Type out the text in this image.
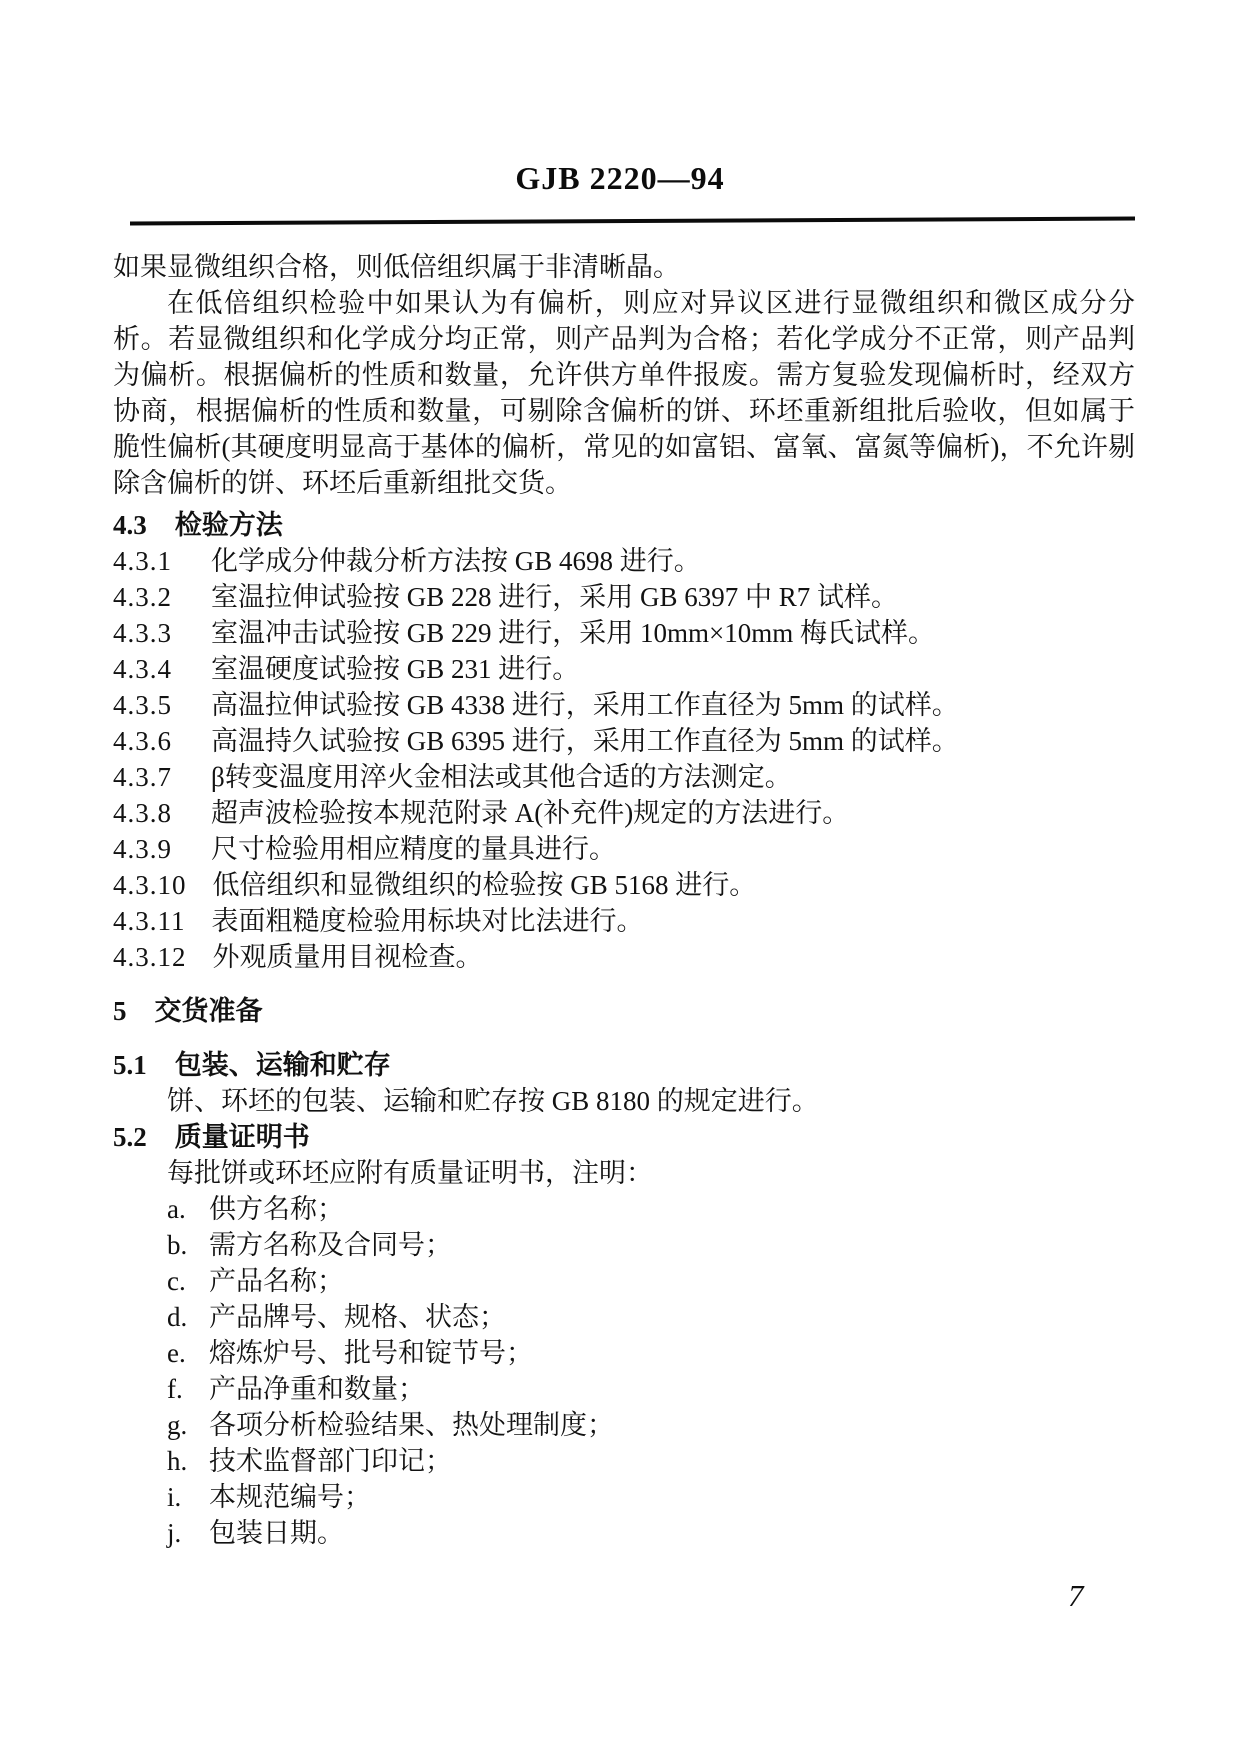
GJB 2220—94

如果显微组织合格，则低倍组织属于非清晰晶。

在低倍组织检验中如果认为有偏析，则应对异议区进行显微组织和微区成分分析。若显微组织和化学成分均正常，则产品判为合格；若化学成分不正常，则产品判为偏析。根据偏析的性质和数量，允许供方单件报废。需方复验发现偏析时，经双方协商，根据偏析的性质和数量，可剔除含偏析的饼、环坯重新组批后验收，但如属于脆性偏析(其硬度明显高于基体的偏析，常见的如富铝、富氧、富氮等偏析)，不允许剔除含偏析的饼、环坯后重新组批交货。

4.3 检验方法

4.3.1 化学成分仲裁分析方法按 GB 4698 进行。

4.3.2 室温拉伸试验按 GB 228 进行，采用 GB 6397 中 R7 试样。

4.3.3 室温冲击试验按 GB 229 进行，采用 10mm×10mm 梅氏试样。

4.3.4 室温硬度试验按 GB 231 进行。

4.3.5 高温拉伸试验按 GB 4338 进行，采用工作直径为 5mm 的试样。

4.3.6 高温持久试验按 GB 6395 进行，采用工作直径为 5mm 的试样。

4.3.7 β转变温度用淬火金相法或其他合适的方法测定。

4.3.8 超声波检验按本规范附录 A(补充件)规定的方法进行。

4.3.9 尺寸检验用相应精度的量具进行。

4.3.10 低倍组织和显微组织的检验按 GB 5168 进行。

4.3.11 表面粗糙度检验用标块对比法进行。

4.3.12 外观质量用目视检查。

5 交货准备

5.1 包装、运输和贮存

饼、环坯的包装、运输和贮存按 GB 8180 的规定进行。

5.2 质量证明书

每批饼或环坯应附有质量证明书，注明：

a. 供方名称；

b. 需方名称及合同号；

c. 产品名称；

d. 产品牌号、规格、状态；

e. 熔炼炉号、批号和锭节号；

f. 产品净重和数量；

g. 各项分析检验结果、热处理制度；

h. 技术监督部门印记；

i. 本规范编号；

j. 包装日期。

7
